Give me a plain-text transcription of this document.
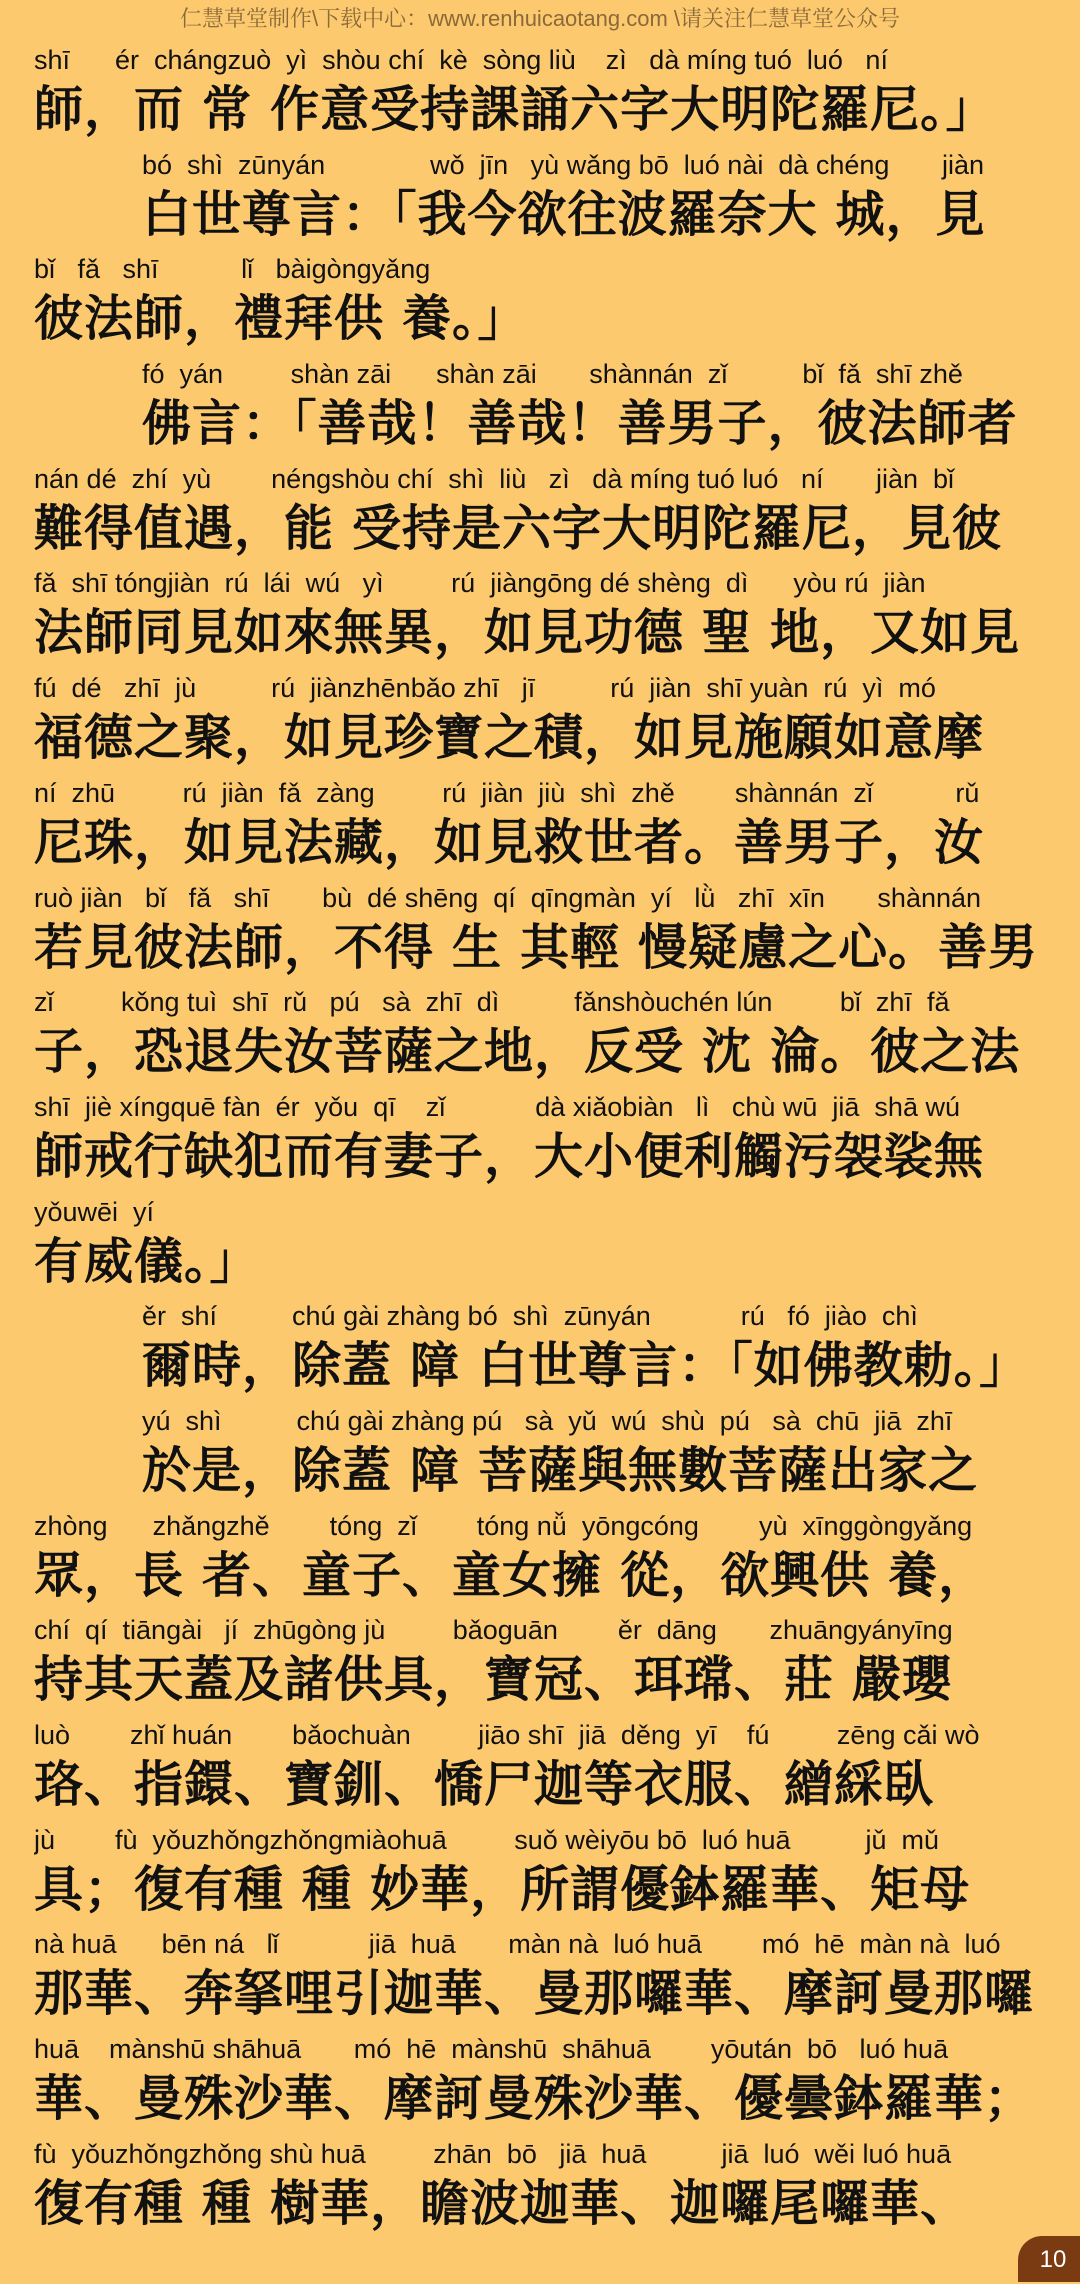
仁慧草堂制作\下载中心：www.renhuicaotang.com \请关注仁慧草堂公众号
shī      ér  chángzuò  yì  shòu chí  kè  sòng liù    zì   dà míng tuó  luó   ní
師，而 常 作意受持課誦六字大明陀羅尼。」
bó  shì  zūnyán              wǒ  jīn   yù wǎng bō  luó nài  dà chéng       jiàn
白世尊言：「我今欲往波羅奈大 城，見
bǐ   fǎ   shī           lǐ   bàigòngyǎng
彼法師，禮拜供 養。」
fó  yán         shàn zāi      shàn zāi       shànnán  zǐ          bǐ  fǎ  shī zhě
佛言：「善哉！善哉！善男子，彼法師者
nán dé  zhí  yù        néngshòu chí  shì  liù   zì   dà míng tuó luó   ní       jiàn  bǐ
難得值遇，能 受持是六字大明陀羅尼，見彼
fǎ  shī tóngjiàn  rú  lái  wú   yì         rú  jiàngōng dé shèng  dì      yòu rú  jiàn
法師同見如來無異，如見功德 聖 地，又如見
fú  dé   zhī  jù          rú  jiànzhēnbǎo zhī   jī          rú  jiàn  shī yuàn  rú  yì  mó
福德之聚，如見珍寶之積，如見施願如意摩
ní  zhū         rú  jiàn  fǎ  zàng         rú  jiàn  jiù  shì  zhě        shànnán  zǐ           rǔ
尼珠，如見法藏，如見救世者。善男子，汝
ruò jiàn   bǐ   fǎ   shī       bù  dé shēng  qí  qīngmàn  yí   lǜ   zhī  xīn       shànnán
若見彼法師，不得 生 其輕 慢疑慮之心。善男
zǐ         kǒng tuì  shī  rǔ   pú   sà  zhī  dì          fǎnshòuchén lún         bǐ  zhī  fǎ
子，恐退失汝菩薩之地，反受 沈 淪。彼之法
shī  jiè xíngquē fàn  ér  yǒu  qī    zǐ            dà xiǎobiàn   lì   chù wū  jiā  shā wú
師戒行缺犯而有妻子，大小便利觸污袈裟無
yǒuwēi  yí
有威儀。」
ěr  shí          chú gài zhàng bó  shì  zūnyán            rú   fó  jiào  chì
爾時，除蓋 障 白世尊言：「如佛教勅。」
yú  shì          chú gài zhàng pú   sà  yǔ  wú  shù  pú   sà  chū  jiā  zhī
於是，除蓋 障 菩薩與無數菩薩出家之
zhòng      zhǎngzhě        tóng  zǐ        tóng nǚ  yōngcóng        yù  xīnggòngyǎng
眾，長 者、童子、童女擁 從，欲興供 養，
chí  qí  tiāngài   jí  zhūgòng jù         bǎoguān        ěr  dāng       zhuāngyányīng
持其天蓋及諸供具，寶冠、珥瑺、莊 嚴瓔
luò        zhǐ huán        bǎochuàn         jiāo shī  jiā  děng  yī    fú         zēng cǎi wò
珞、指鐶、寶釧、憍尸迦等衣服、繒綵臥
jù        fù  yǒuzhǒngzhǒngmiàohuā         suǒ wèiyōu bō  luó huā          jǔ  mǔ
具；復有種 種 妙華，所謂優鉢羅華、矩母
nà huā      bēn ná   lǐ            jiā  huā       màn nà  luó huā        mó  hē  màn nà  luó
那華、奔拏哩引迦華、曼那囉華、摩訶曼那囉
huā    mànshū shāhuā       mó  hē  mànshū  shāhuā        yōután  bō   luó huā
華、曼殊沙華、摩訶曼殊沙華、優曇鉢羅華；
fù  yǒuzhǒngzhǒng shù huā         zhān  bō   jiā  huā          jiā  luó  wěi luó huā
復有種 種 樹華，瞻波迦華、迦囉尾囉華、
10
